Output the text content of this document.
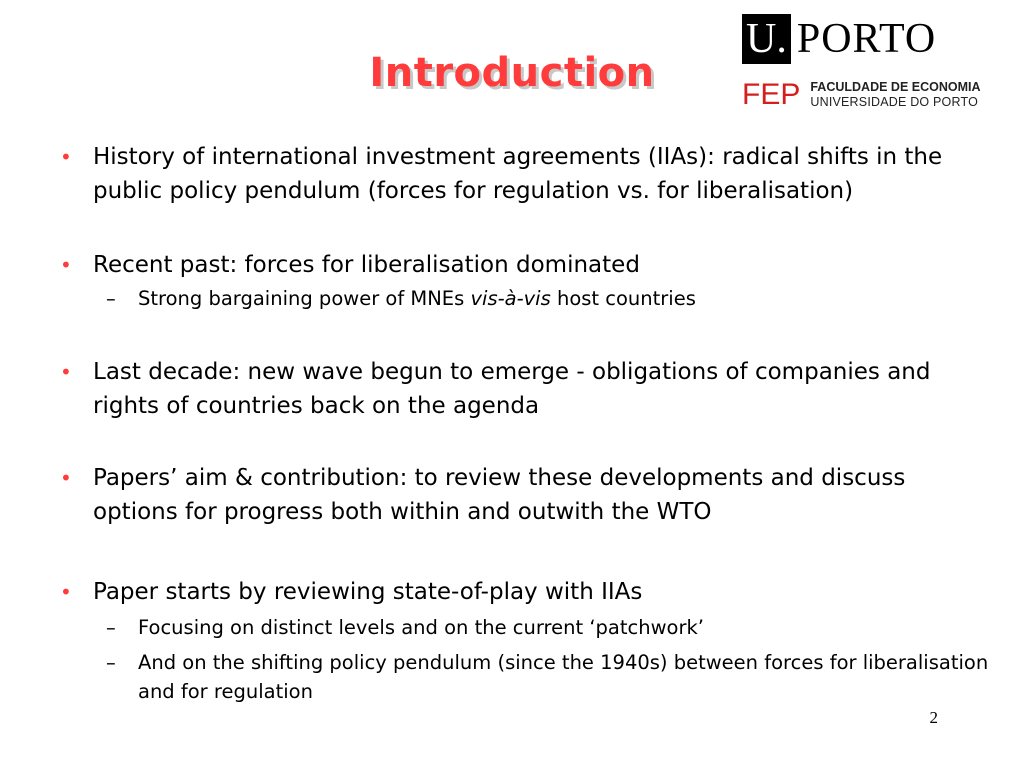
Introduction
U. PORTO
FEP FACULDADE DE ECONOMIA
UNIVERSIDADE DO PORTO
• History of international investment agreements (IIAs): radical shifts in the public policy pendulum (forces for regulation vs. for liberalisation)
• Recent past: forces for liberalisation dominated
– Strong bargaining power of MNEs vis-à-vis host countries
• Last decade: new wave begun to emerge - obligations of companies and rights of countries back on the agenda
• Papers’ aim & contribution: to review these developments and discuss options for progress both within and outwith the WTO
• Paper starts by reviewing state-of-play with IIAs
– Focusing on distinct levels and on the current ‘patchwork’
– And on the shifting policy pendulum (since the 1940s) between forces for liberalisation and for regulation
2
